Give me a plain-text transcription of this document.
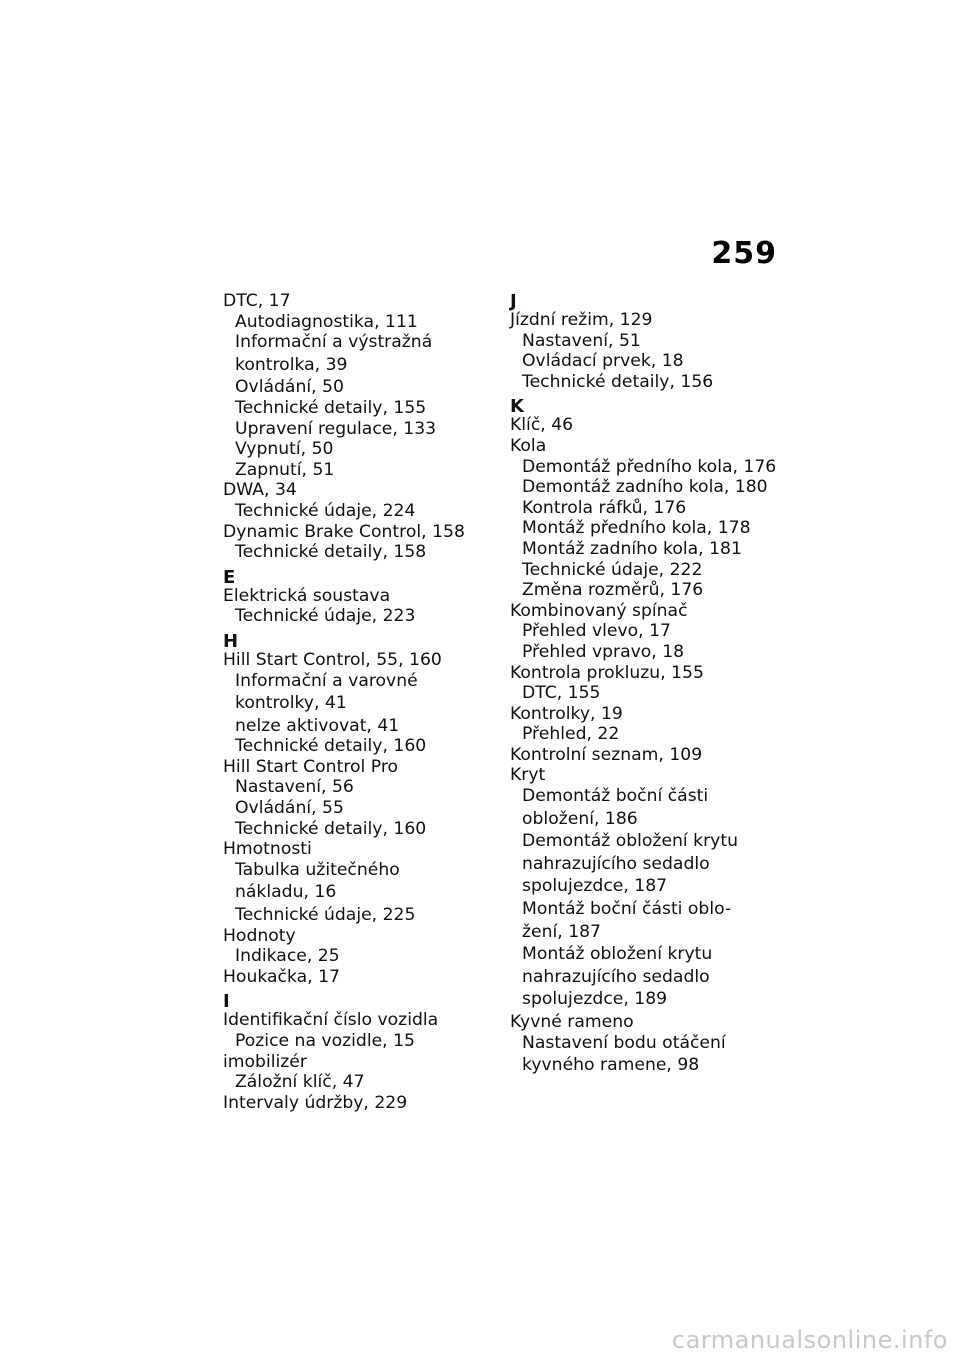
259
DTC, 17
Autodiagnostika, 111
Informační a výstražná
kontrolka, 39
Ovládání, 50
Technické detaily, 155
Upravení regulace, 133
Vypnutí, 50
Zapnutí, 51
DWA, 34
Technické údaje, 224
Dynamic Brake Control, 158
Technické detaily, 158
E
Elektrická soustava
Technické údaje, 223
H
Hill Start Control, 55, 160
Informační a varovné
kontrolky, 41
nelze aktivovat, 41
Technické detaily, 160
Hill Start Control Pro
Nastavení, 56
Ovládání, 55
Technické detaily, 160
Hmotnosti
Tabulka užitečného
nákladu, 16
Technické údaje, 225
Hodnoty
Indikace, 25
Houkačka, 17
I
Identifikační číslo vozidla
Pozice na vozidle, 15
imobilizér
Záložní klíč, 47
Intervaly údržby, 229
J
Jízdní režim, 129
Nastavení, 51
Ovládací prvek, 18
Technické detaily, 156
K
Klíč, 46
Kola
Demontáž předního kola, 176
Demontáž zadního kola, 180
Kontrola ráfků, 176
Montáž předního kola, 178
Montáž zadního kola, 181
Technické údaje, 222
Změna rozměrů, 176
Kombinovaný spínač
Přehled vlevo, 17
Přehled vpravo, 18
Kontrola prokluzu, 155
DTC, 155
Kontrolky, 19
Přehled, 22
Kontrolní seznam, 109
Kryt
Demontáž boční části
obložení, 186
Demontáž obložení krytu
nahrazujícího sedadlo
spolujezdce, 187
Montáž boční části oblo-
žení, 187
Montáž obložení krytu
nahrazujícího sedadlo
spolujezdce, 189
Kyvné rameno
Nastavení bodu otáčení
kyvného ramene, 98
carmanualsonline.info
